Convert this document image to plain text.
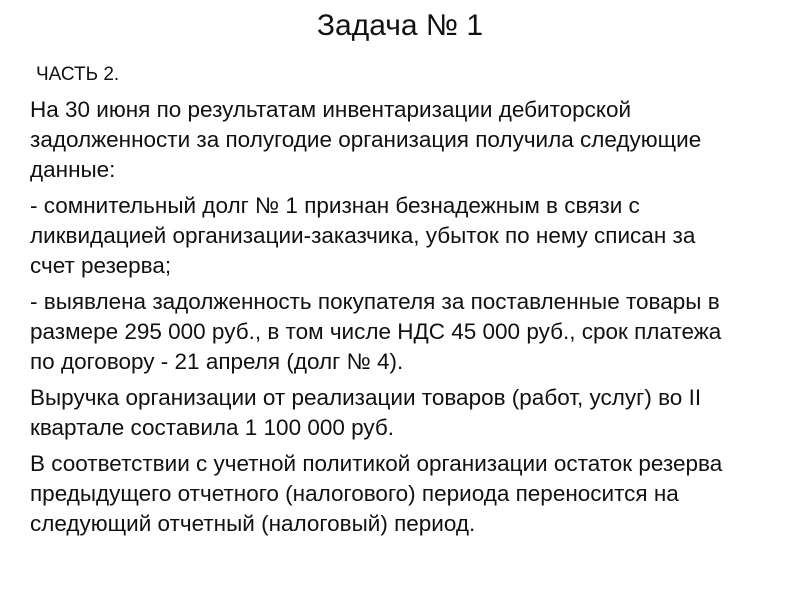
Задача № 1
ЧАСТЬ 2.
На 30 июня по результатам инвентаризации дебиторской
задолженности за полугодие организация получила следующие
данные:
- сомнительный долг № 1 признан безнадежным в связи с
ликвидацией организации-заказчика, убыток по нему списан за
счет резерва;
- выявлена задолженность покупателя за поставленные товары в
размере 295 000 руб., в том числе НДС 45 000 руб., срок платежа
по договору - 21 апреля (долг № 4).
Выручка организации от реализации товаров (работ, услуг) во II
квартале составила 1 100 000 руб.
В соответствии с учетной политикой организации остаток резерва
предыдущего отчетного (налогового) периода переносится на
следующий отчетный (налоговый) период.
